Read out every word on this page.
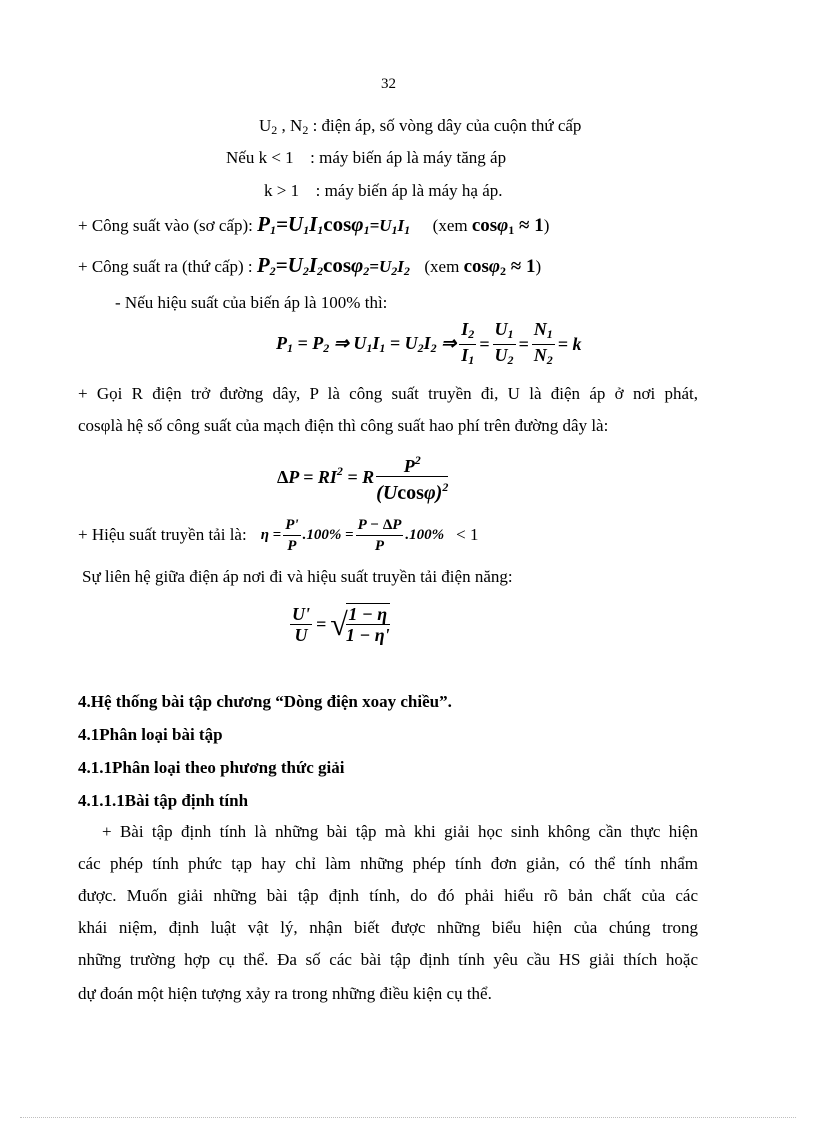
32
$U_2$ , $N_2$ : điện áp, số vòng dây của cuộn thứ cấp
Nếu k < 1 : máy biến áp là máy tăng áp
k > 1 : máy biến áp là máy hạ áp.
+ Công suất vào (sơ cấp): $P_1=U_1I_1\cos\varphi_1=U_1I_1$ (xem cosφ$_1$ ≈ 1)
+ Công suất ra (thứ cấp) : $P_2=U_2I_2\cos\varphi_2=U_2I_2$ (xem cosφ$_2$ ≈ 1)
- Nếu hiệu suất của biến áp là 100% thì:
$P_1 = P_2$ ⇒ $U_1I_1 = U_2I_2$ ⇒ $\frac{I_2}{I_1} = \frac{U_1}{U_2} = \frac{N_1}{N_2} = k$
+ Gọi R điện trở đường dây, P là công suất truyền đi, U là điện áp ở nơi phát,
cosφlà hệ số công suất của mạch điện thì công suất hao phí trên đường dây là:
$\Delta P = RI^2 = R \frac{P^2}{(Ucos\varphi)^2}$
+ Hiệu suất truyền tải là: $\eta = \frac{P'}{P} .100\% = \frac{P - \Delta P}{P} .100\% < 1$
Sự liên hệ giữa điện áp nơi đi và hiệu suất truyền tải điện năng:
$\frac{U'}{U}$ = √
$\frac{1 - \eta}{1 - \eta'}$
4.Hệ thống bài tập chương “Dòng điện xoay chiều”.
4.1Phân loại bài tập
4.1.1Phân loại theo phương thức giải
4.1.1.1Bài tập định tính
+ Bài tập định tính là những bài tập mà khi giải học sinh không cần thực hiện
các phép tính phức tạp hay chỉ làm những phép tính đơn giản, có thể tính nhẩm
được. Muốn giải những bài tập định tính, do đó phải hiểu rõ bản chất của các
khái niệm, định luật vật lý, nhận biết được những biểu hiện của chúng trong
những trường hợp cụ thể. Đa số các bài tập định tính yêu cầu HS giải thích hoặc
dự đoán một hiện tượng xảy ra trong những điều kiện cụ thể.
